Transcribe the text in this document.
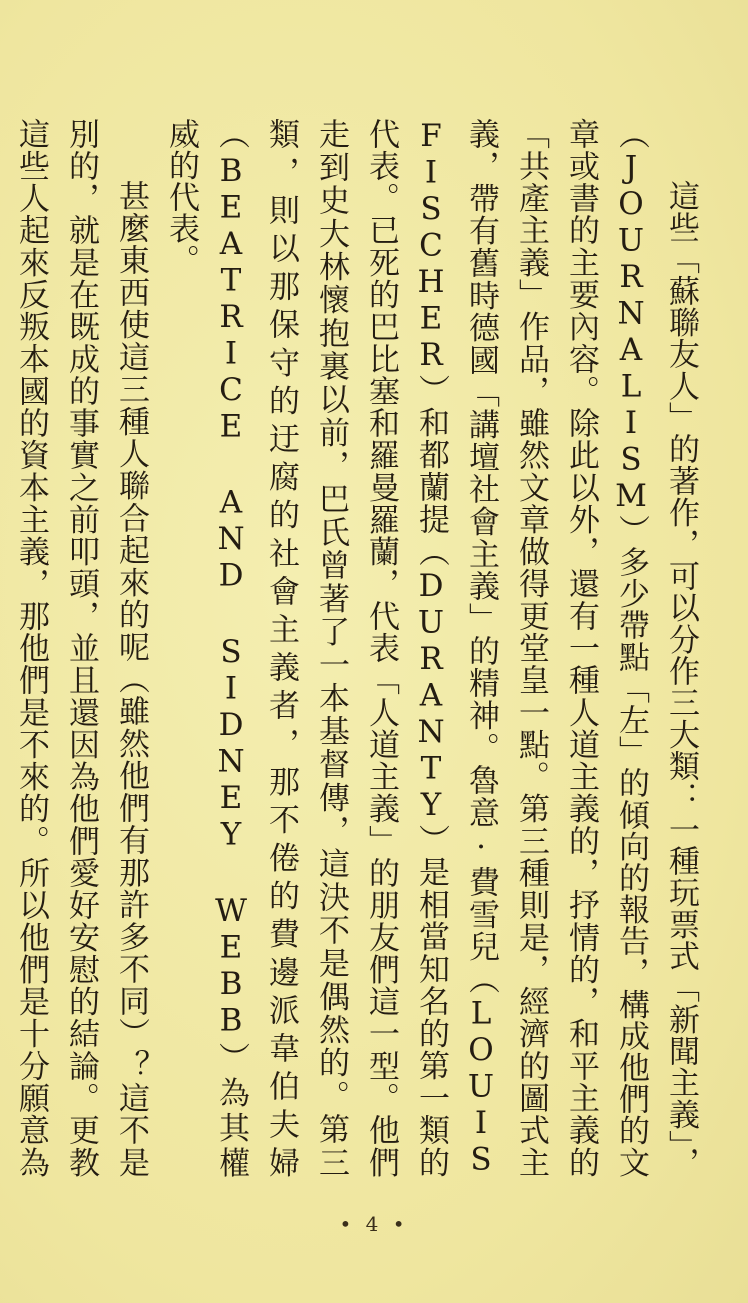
這些「蘇聯友人」的著作，可以分作三大類：一種玩票式「新聞主義」，（JOURNALISM）多少帶點「左」的傾向的報告，構成他們的文章或書的主要內容。除此以外，還有一種人道主義的，抒情的，和平主義的「共產主義」作品，雖然文章做得更堂皇一點。第三種則是，經濟的圖式主義，帶有舊時德國「講壇社會主義」的精神。魯意·費雪兒（LOUIS FISCHER）和都蘭提（DURANTY）是相當知名的第一類的代表。已死的巴比塞和羅曼羅蘭，代表「人道主義」的朋友們這一型。他們走到史大林懷抱裏以前，巴氏曾著了一本基督傳，這決不是偶然的。第三類，則以那保守的迂腐的社會主義者，那不倦的費邊派韋伯夫婦（BEATRICE AND SIDNEY WEBB）為其權威的代表。

甚麼東西使這三種人聯合起來的呢（雖然他們有那許多不同）？這不是別的，就是在既成的事實之前叩頭，並且還因為他們愛好安慰的結論。更教這些人起來反叛本國的資本主義，那他們是不來的。所以他們是十分願意為

• 4 •
